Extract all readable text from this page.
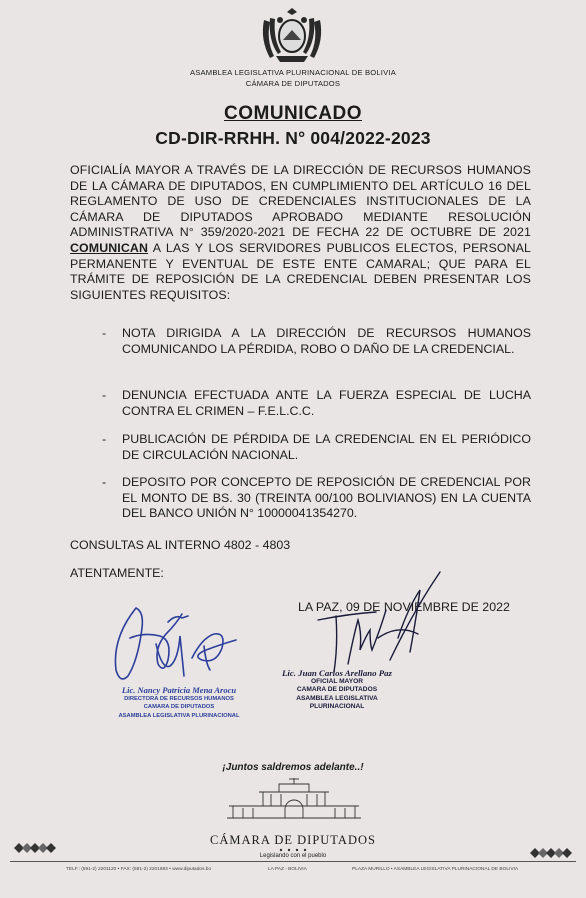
ASAMBLEA LEGISLATIVA PLURINACIONAL DE BOLIVIA
CÁMARA DE DIPUTADOS
COMUNICADO
CD-DIR-RRHH. N° 004/2022-2023
OFICIALÍA MAYOR A TRAVÉS DE LA DIRECCIÓN DE RECURSOS HUMANOS DE LA CÁMARA DE DIPUTADOS, EN CUMPLIMIENTO DEL ARTÍCULO 16 DEL REGLAMENTO DE USO DE CREDENCIALES INSTITUCIONALES DE LA CÁMARA DE DIPUTADOS APROBADO MEDIANTE RESOLUCIÓN ADMINISTRATIVA N° 359/2020-2021 DE FECHA 22 DE OCTUBRE DE 2021 COMUNICAN A LAS Y LOS SERVIDORES PUBLICOS ELECTOS, PERSONAL PERMANENTE Y EVENTUAL DE ESTE ENTE CAMARAL; QUE PARA EL TRÁMITE DE REPOSICIÓN DE LA CREDENCIAL DEBEN PRESENTAR LOS SIGUIENTES REQUISITOS:
- NOTA DIRIGIDA A LA DIRECCIÓN DE RECURSOS HUMANOS COMUNICANDO LA PÉRDIDA, ROBO O DAÑO DE LA CREDENCIAL.
- DENUNCIA EFECTUADA ANTE LA FUERZA ESPECIAL DE LUCHA CONTRA EL CRIMEN – F.E.L.C.C.
- PUBLICACIÓN DE PÉRDIDA DE LA CREDENCIAL EN EL PERIÓDICO DE CIRCULACIÓN NACIONAL.
- DEPOSITO POR CONCEPTO DE REPOSICIÓN DE CREDENCIAL POR EL MONTO DE BS. 30 (TREINTA 00/100 BOLIVIANOS) EN LA CUENTA DEL BANCO UNIÓN N° 10000041354270.
CONSULTAS AL INTERNO 4802 - 4803
ATENTAMENTE:
LA PAZ, 09 DE NOVIEMBRE DE 2022
Lic. Nancy Patricia Mena Arocu
DIRECTORA DE RECURSOS HUMANOS
CAMARA DE DIPUTADOS
ASAMBLEA LEGISLATIVA PLURINACIONAL
Lic. Juan Carlos Arellano Paz
OFICIAL MAYOR
CAMARA DE DIPUTADOS
ASAMBLEA LEGISLATIVA PLURINACIONAL
¡Juntos saldremos adelante..!
CÁMARA DE DIPUTADOS
Legislando con el pueblo
TELF.: (591-2) 2201120 • FAX: (591-2) 2201683 • www.diputados.bo	LA PAZ - BOLIVIA	PLAZA MURILLO • ASAMBLEA LEGISLATIVA PLURINACIONAL DE BOLIVIA
